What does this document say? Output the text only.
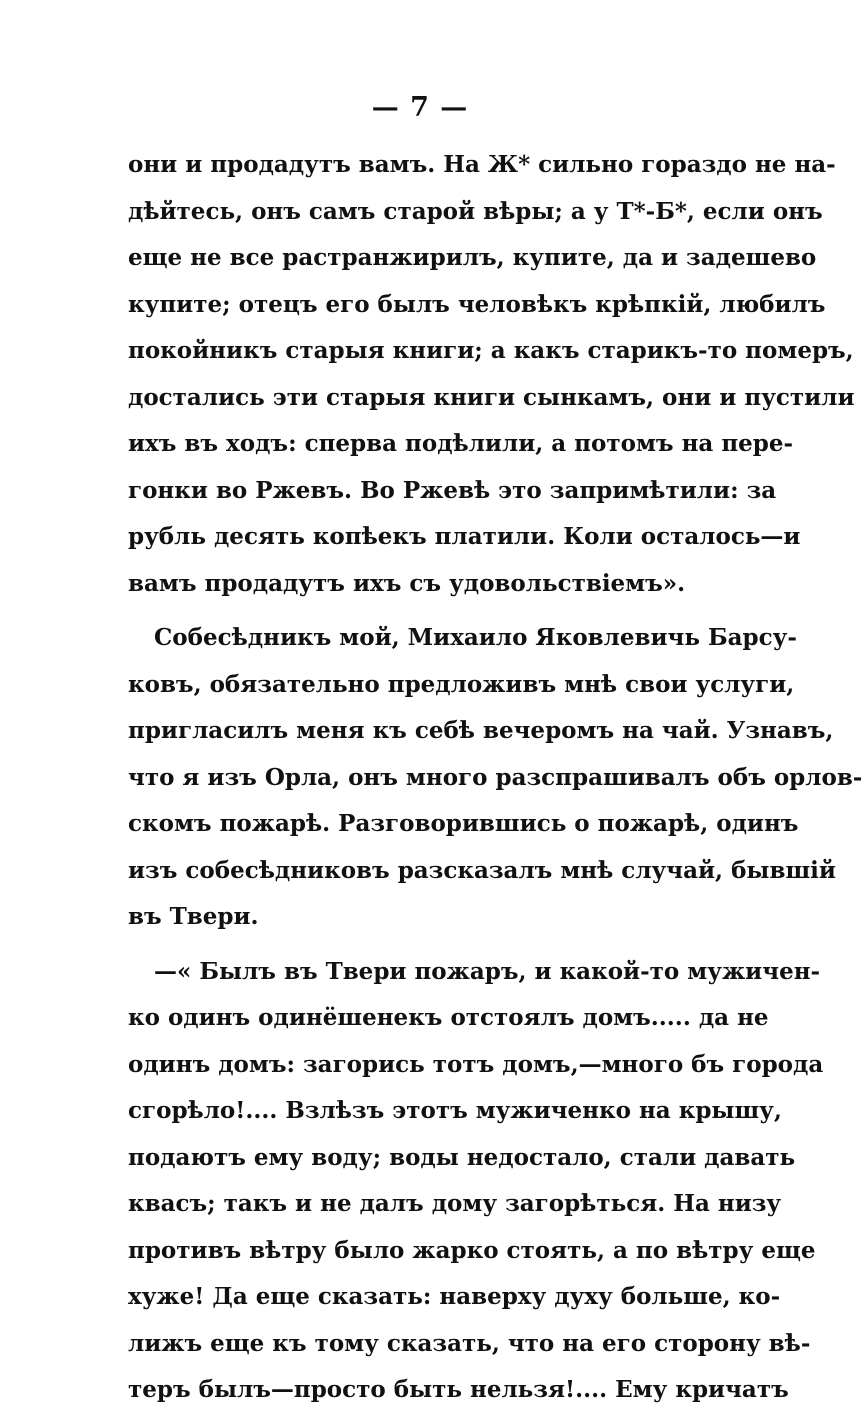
— 7 —
они и продадутъ вамъ. На Ж* сильно гораздо не на-
дѣйтесь, онъ самъ старой вѣры; а у Т*-Б*, если онъ
еще не все растранжирилъ, купите, да и задешево
купите; отецъ его былъ человѣкъ крѣпкій, любилъ
покойникъ старыя книги; а какъ старикъ-то померъ,
достались эти старыя книги сынкамъ, они и пустили
ихъ въ ходъ: сперва подѣлили, а потомъ на пере-
гонки во Ржевъ. Во Ржевѣ это запримѣтили: за
рубль десять копѣекъ платили. Коли осталось—и
вамъ продадутъ ихъ съ удовольствіемъ».
Собесѣдникъ мой, Михаило Яковлевичь Барсу-
ковъ, обязательно предложивъ мнѣ свои услуги,
пригласилъ меня къ себѣ вечеромъ на чай. Узнавъ,
что я изъ Орла, онъ много разспрашивалъ объ орлов-
скомъ пожарѣ. Разговорившись о пожарѣ, одинъ
изъ собесѣдниковъ разсказалъ мнѣ случай, бывшій
въ Твери.
—« Былъ въ Твери пожаръ, и какой-то мужичен-
ко одинъ одинёшенекъ отстоялъ домъ..... да не
одинъ домъ: загорись тотъ домъ,—много бъ города
сгорѣло!.... Взлѣзъ этотъ мужиченко на крышу,
подаютъ ему воду; воды недостало, стали давать
квасъ; такъ и не далъ дому загорѣться. На низу
противъ вѣтру было жарко стоять, а по вѣтру еще
хуже! Да еще сказать: наверху духу больше, ко-
лижъ еще къ тому сказать, что на его сторону вѣ-
теръ былъ—просто быть нельзя!.... Ему кричатъ
